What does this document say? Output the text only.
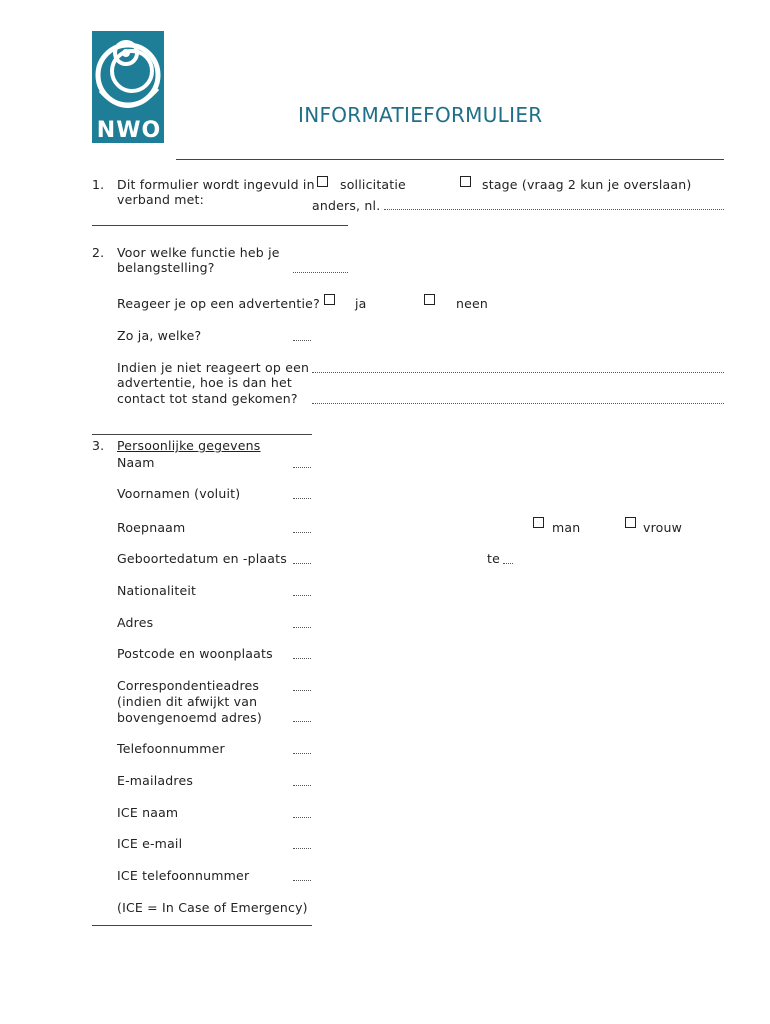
NWO
INFORMATIEFORMULIER
1. Dit formulier wordt ingevuld in
verband met:
sollicitatie	stage (vraag 2 kun je overslaan)
anders, nl.
2. Voor welke functie heb je
belangstelling?
Reageer je op een advertentie?	ja	neen
Zo ja, welke?
Indien je niet reageert op een
advertentie, hoe is dan het
contact tot stand gekomen?
3. Persoonlijke gegevens
Naam
Voornamen (voluit)
Roepnaam	man	vrouw
Geboortedatum en -plaats	te
Nationaliteit
Adres
Postcode en woonplaats
Correspondentieadres
(indien dit afwijkt van
bovengenoemd adres)
Telefoonnummer
E-mailadres
ICE naam
ICE e-mail
ICE telefoonnummer
(ICE = In Case of Emergency)
